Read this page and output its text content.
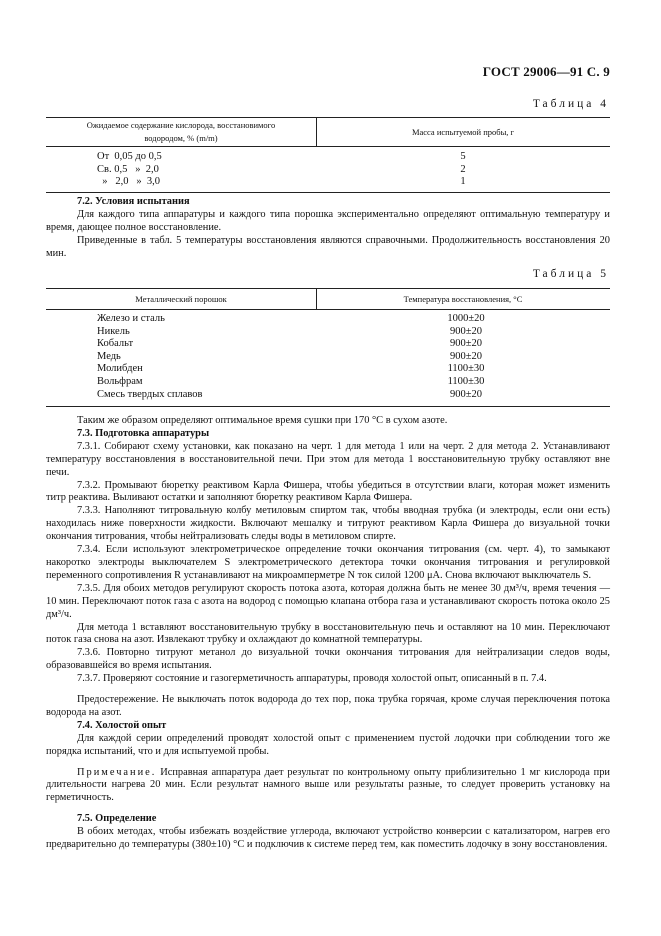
ГОСТ 29006—91 С. 9
Таблица 4
Ожидаемое содержание кислорода, восстановимого
водородом, % (m/m)
Масса испытуемой пробы, г
От  0,05 до 0,5	5
Св. 0,5   »  2,0	2
»   2,0   »  3,0	1

7.2. Условия испытания

Для каждого типа аппаратуры и каждого типа порошка экспериментально определяют оптимальную температуру и время, дающее полное восстановление.

Приведенные в табл. 5 температуры восстановления являются справочными. Продолжительность восстановления 20 мин.

Таблица 5
Металлический порошок	Температура восстановления, °С
Железо и сталь	1000±20
Никель	900±20
Кобальт	900±20
Медь	900±20
Молибден	1100±30
Вольфрам	1100±30
Смесь твердых сплавов	900±20

Таким же образом определяют оптимальное время сушки при 170 °С в сухом азоте.

7.3. Подготовка аппаратуры

7.3.1. Собирают схему установки, как показано на черт. 1 для метода 1 или на черт. 2 для метода 2. Устанавливают температуру восстановления в восстановительной печи. При этом для метода 1 восстановительную трубку оставляют вне печи.

7.3.2. Промывают бюретку реактивом Карла Фишера, чтобы убедиться в отсутствии влаги, которая может изменить титр реактива. Выливают остатки и заполняют бюретку реактивом Карла Фишера.

7.3.3. Наполняют титровальную колбу метиловым спиртом так, чтобы вводная трубка (и электроды, если они есть) находилась ниже поверхности жидкости. Включают мешалку и титруют реактивом Карла Фишера до визуальной точки окончания титрования, чтобы нейтрализовать следы воды в метиловом спирте.

7.3.4. Если используют электрометрическое определение точки окончания титрования (см. черт. 4), то замыкают накоротко электроды выключателем S электрометрического детектора точки окончания титрования и регулировкой переменного сопротивления R устанавливают на микроамперметре N ток силой 1200 μА. Снова включают выключатель S.

7.3.5. Для обоих методов регулируют скорость потока азота, которая должна быть не менее 30 дм³/ч, время течения — 10 мин. Переключают поток газа с азота на водород с помощью клапана отбора газа и устанавливают скорость потока около 25 дм³/ч.

Для метода 1 вставляют восстановительную трубку в восстановительную печь и оставляют на 10 мин. Переключают поток газа снова на азот. Извлекают трубку и охлаждают до комнатной температуры.

7.3.6. Повторно титруют метанол до визуальной точки окончания титрования для нейтрализации следов воды, образовавшейся во время испытания.

7.3.7. Проверяют состояние и газогерметичность аппаратуры, проводя холостой опыт, описанный в п. 7.4.

Предостережение. Не выключать поток водорода до тех пор, пока трубка горячая, кроме случая переключения потока водорода на азот.

7.4. Холостой опыт

Для каждой серии определений проводят холостой опыт с применением пустой лодочки при соблюдении того же порядка испытаний, что и для испытуемой пробы.

Примечание. Исправная аппаратура дает результат по контрольному опыту приблизительно 1 мг кислорода при длительности нагрева 20 мин. Если результат намного выше или результаты разные, то следует проверить установку на герметичность.

7.5. Определение

В обоих методах, чтобы избежать воздействие углерода, включают устройство конверсии с катализатором, нагрев его предварительно до температуры (380±10) °С и подключив к системе перед тем, как поместить лодочку в зону восстановления.
